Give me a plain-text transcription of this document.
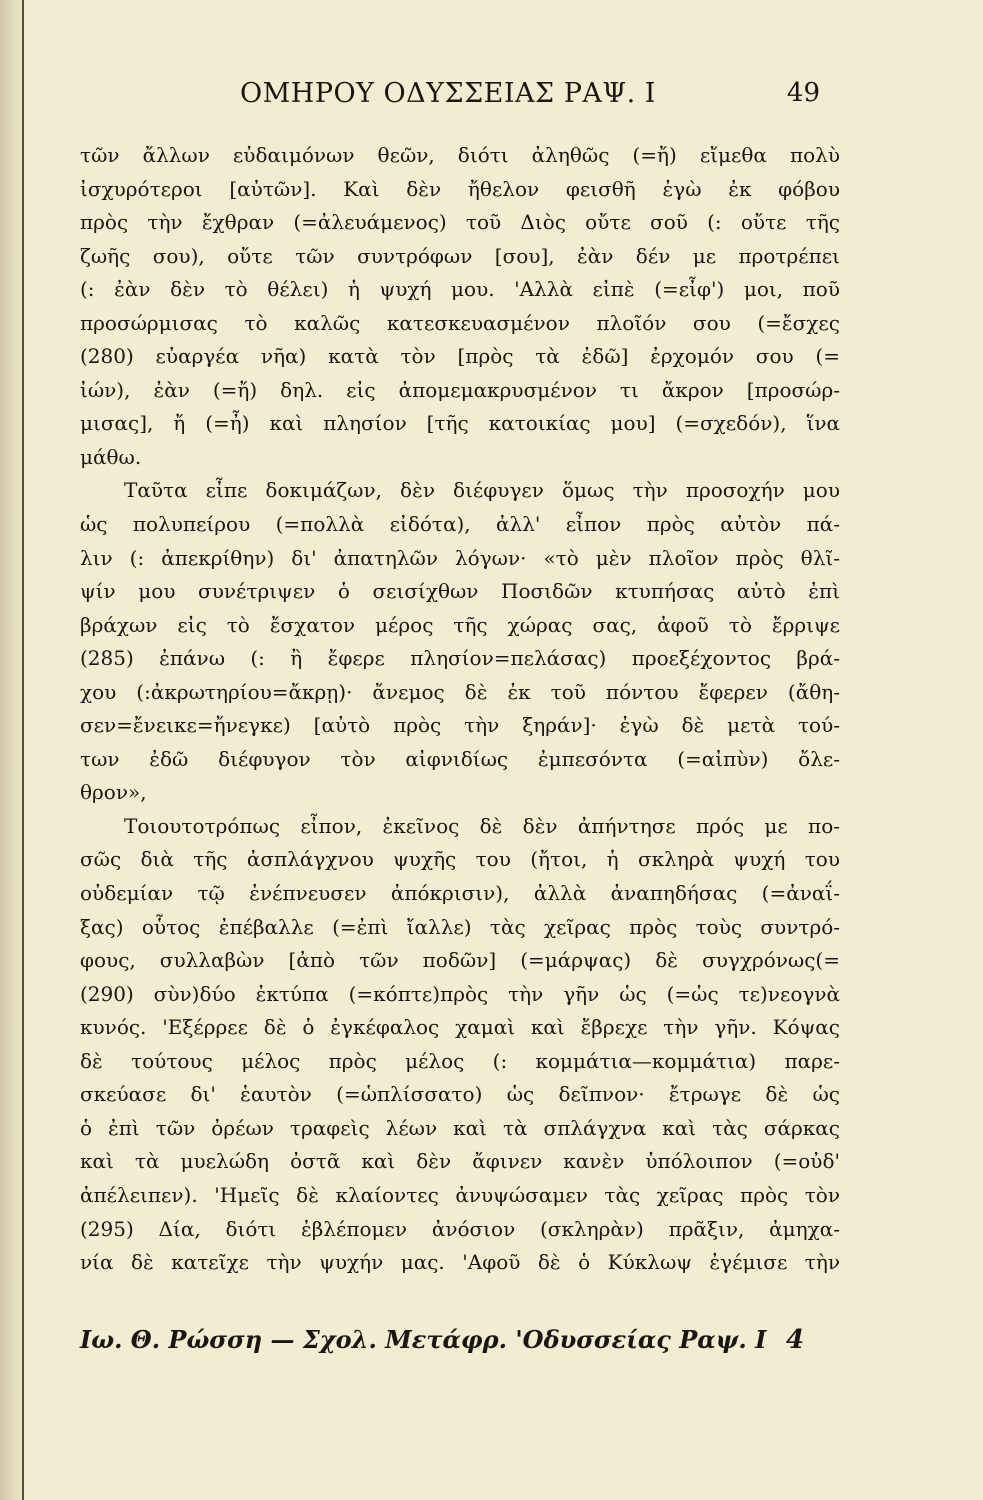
ΟΜΗΡΟΥ ΟΔΥΣΣΕΙΑΣ ΡΑΨ. Ι	49
τῶν ἄλλων εὐδαιμόνων θεῶν, διότι ἀληθῶς (=ἤ) εἴμεθα πολὺ
ἰσχυρότεροι [αὐτῶν]. Καὶ δὲν ἤθελον φεισθῆ ἐγὼ ἐκ φόβου
πρὸς τὴν ἔχθραν (=ἀλευάμενος) τοῦ Διὸς οὔτε σοῦ (: οὔτε τῆς
ζωῆς σου), οὔτε τῶν συντρόφων [σου], ἐὰν δέν με προτρέπει
(: ἐὰν δὲν τὸ θέλει) ἡ ψυχή μου. 'Αλλὰ εἰπὲ (=εἶφ') μοι, ποῦ
προσώρμισας τὸ καλῶς κατεσκευασμένον πλοῖόν σου (=ἔσχες
(280) εὐαργέα νῆα) κατὰ τὸν [πρὸς τὰ ἐδῶ] ἐρχομόν σου (=
ἰών), ἐὰν (=ἤ) δηλ. εἰς ἀπομεμακρυσμένον τι ἄκρον [προσώρ-
μισας], ἤ (=ἦ) καὶ πλησίον [τῆς κατοικίας μου] (=σχεδόν), ἵνα
μάθω.
Ταῦτα εἶπε δοκιμάζων, δὲν διέφυγεν ὅμως τὴν προσοχήν μου
ὡς πολυπείρου (=πολλὰ εἰδότα), ἀλλ' εἶπον πρὸς αὐτὸν πά-
λιν (: ἀπεκρίθην) δι' ἀπατηλῶν λόγων· «τὸ μὲν πλοῖον πρὸς θλῖ-
ψίν μου συνέτριψεν ὁ σεισίχθων Ποσιδῶν κτυπήσας αὐτὸ ἐπὶ
βράχων εἰς τὸ ἔσχατον μέρος τῆς χώρας σας, ἀφοῦ τὸ ἔρριψε
(285) ἐπάνω (: ἢ ἔφερε πλησίον=πελάσας) προεξέχοντος βρά-
χου (:ἀκρωτηρίου=ἄκρῃ)· ἄνεμος δὲ ἐκ τοῦ πόντου ἔφερεν (ἄθη-
σεν=ἔνεικε=ἤνεγκε) [αὐτὸ πρὸς τὴν ξηράν]· ἐγὼ δὲ μετὰ τού-
των ἐδῶ διέφυγον τὸν αἰφνιδίως ἐμπεσόντα (=αἰπὺν) ὄλε-
θρον»,
Τοιουτοτρόπως εἶπον, ἐκεῖνος δὲ δὲν ἀπήντησε πρός με πο-
σῶς διὰ τῆς ἀσπλάγχνου ψυχῆς του (ἤτοι, ἡ σκληρὰ ψυχή του
οὐδεμίαν τῷ ἐνέπνευσεν ἀπόκρισιν), ἀλλὰ ἀναπηδήσας (=ἀναΐ-
ξας) οὗτος ἐπέβαλλε (=ἐπὶ ἴαλλε) τὰς χεῖρας πρὸς τοὺς συντρό-
φους, συλλαβὼν [ἀπὸ τῶν ποδῶν] (=μάρψας) δὲ συγχρόνως(=
(290) σὺν)δύο ἐκτύπα (=κόπτε)πρὸς τὴν γῆν ὡς (=ὡς τε)νεογνὰ
κυνός. 'Εξέρρεε δὲ ὁ ἐγκέφαλος χαμαὶ καὶ ἔβρεχε τὴν γῆν. Κόψας
δὲ τούτους μέλος πρὸς μέλος (: κομμάτια—κομμάτια) παρε-
σκεύασε δι' ἑαυτὸν (=ὡπλίσσατο) ὡς δεῖπνον· ἔτρωγε δὲ ὡς
ὁ ἐπὶ τῶν ὀρέων τραφεὶς λέων καὶ τὰ σπλάγχνα καὶ τὰς σάρκας
καὶ τὰ μυελώδη ὀστᾶ καὶ δὲν ἄφινεν κανὲν ὑπόλοιπον (=οὐδ'
ἀπέλειπεν). 'Ημεῖς δὲ κλαίοντες ἀνυψώσαμεν τὰς χεῖρας πρὸς τὸν
(295) Δία, διότι ἐβλέπομεν ἀνόσιον (σκληρὰν) πρᾶξιν, ἀμηχα-
νία δὲ κατεῖχε τὴν ψυχήν μας. 'Αφοῦ δὲ ὁ Κύκλωψ ἐγέμισε τὴν
Ιω. Θ. Ρώσση — Σχολ. Μετάφρ. 'Οδυσσείας Ραψ. Ι 4
